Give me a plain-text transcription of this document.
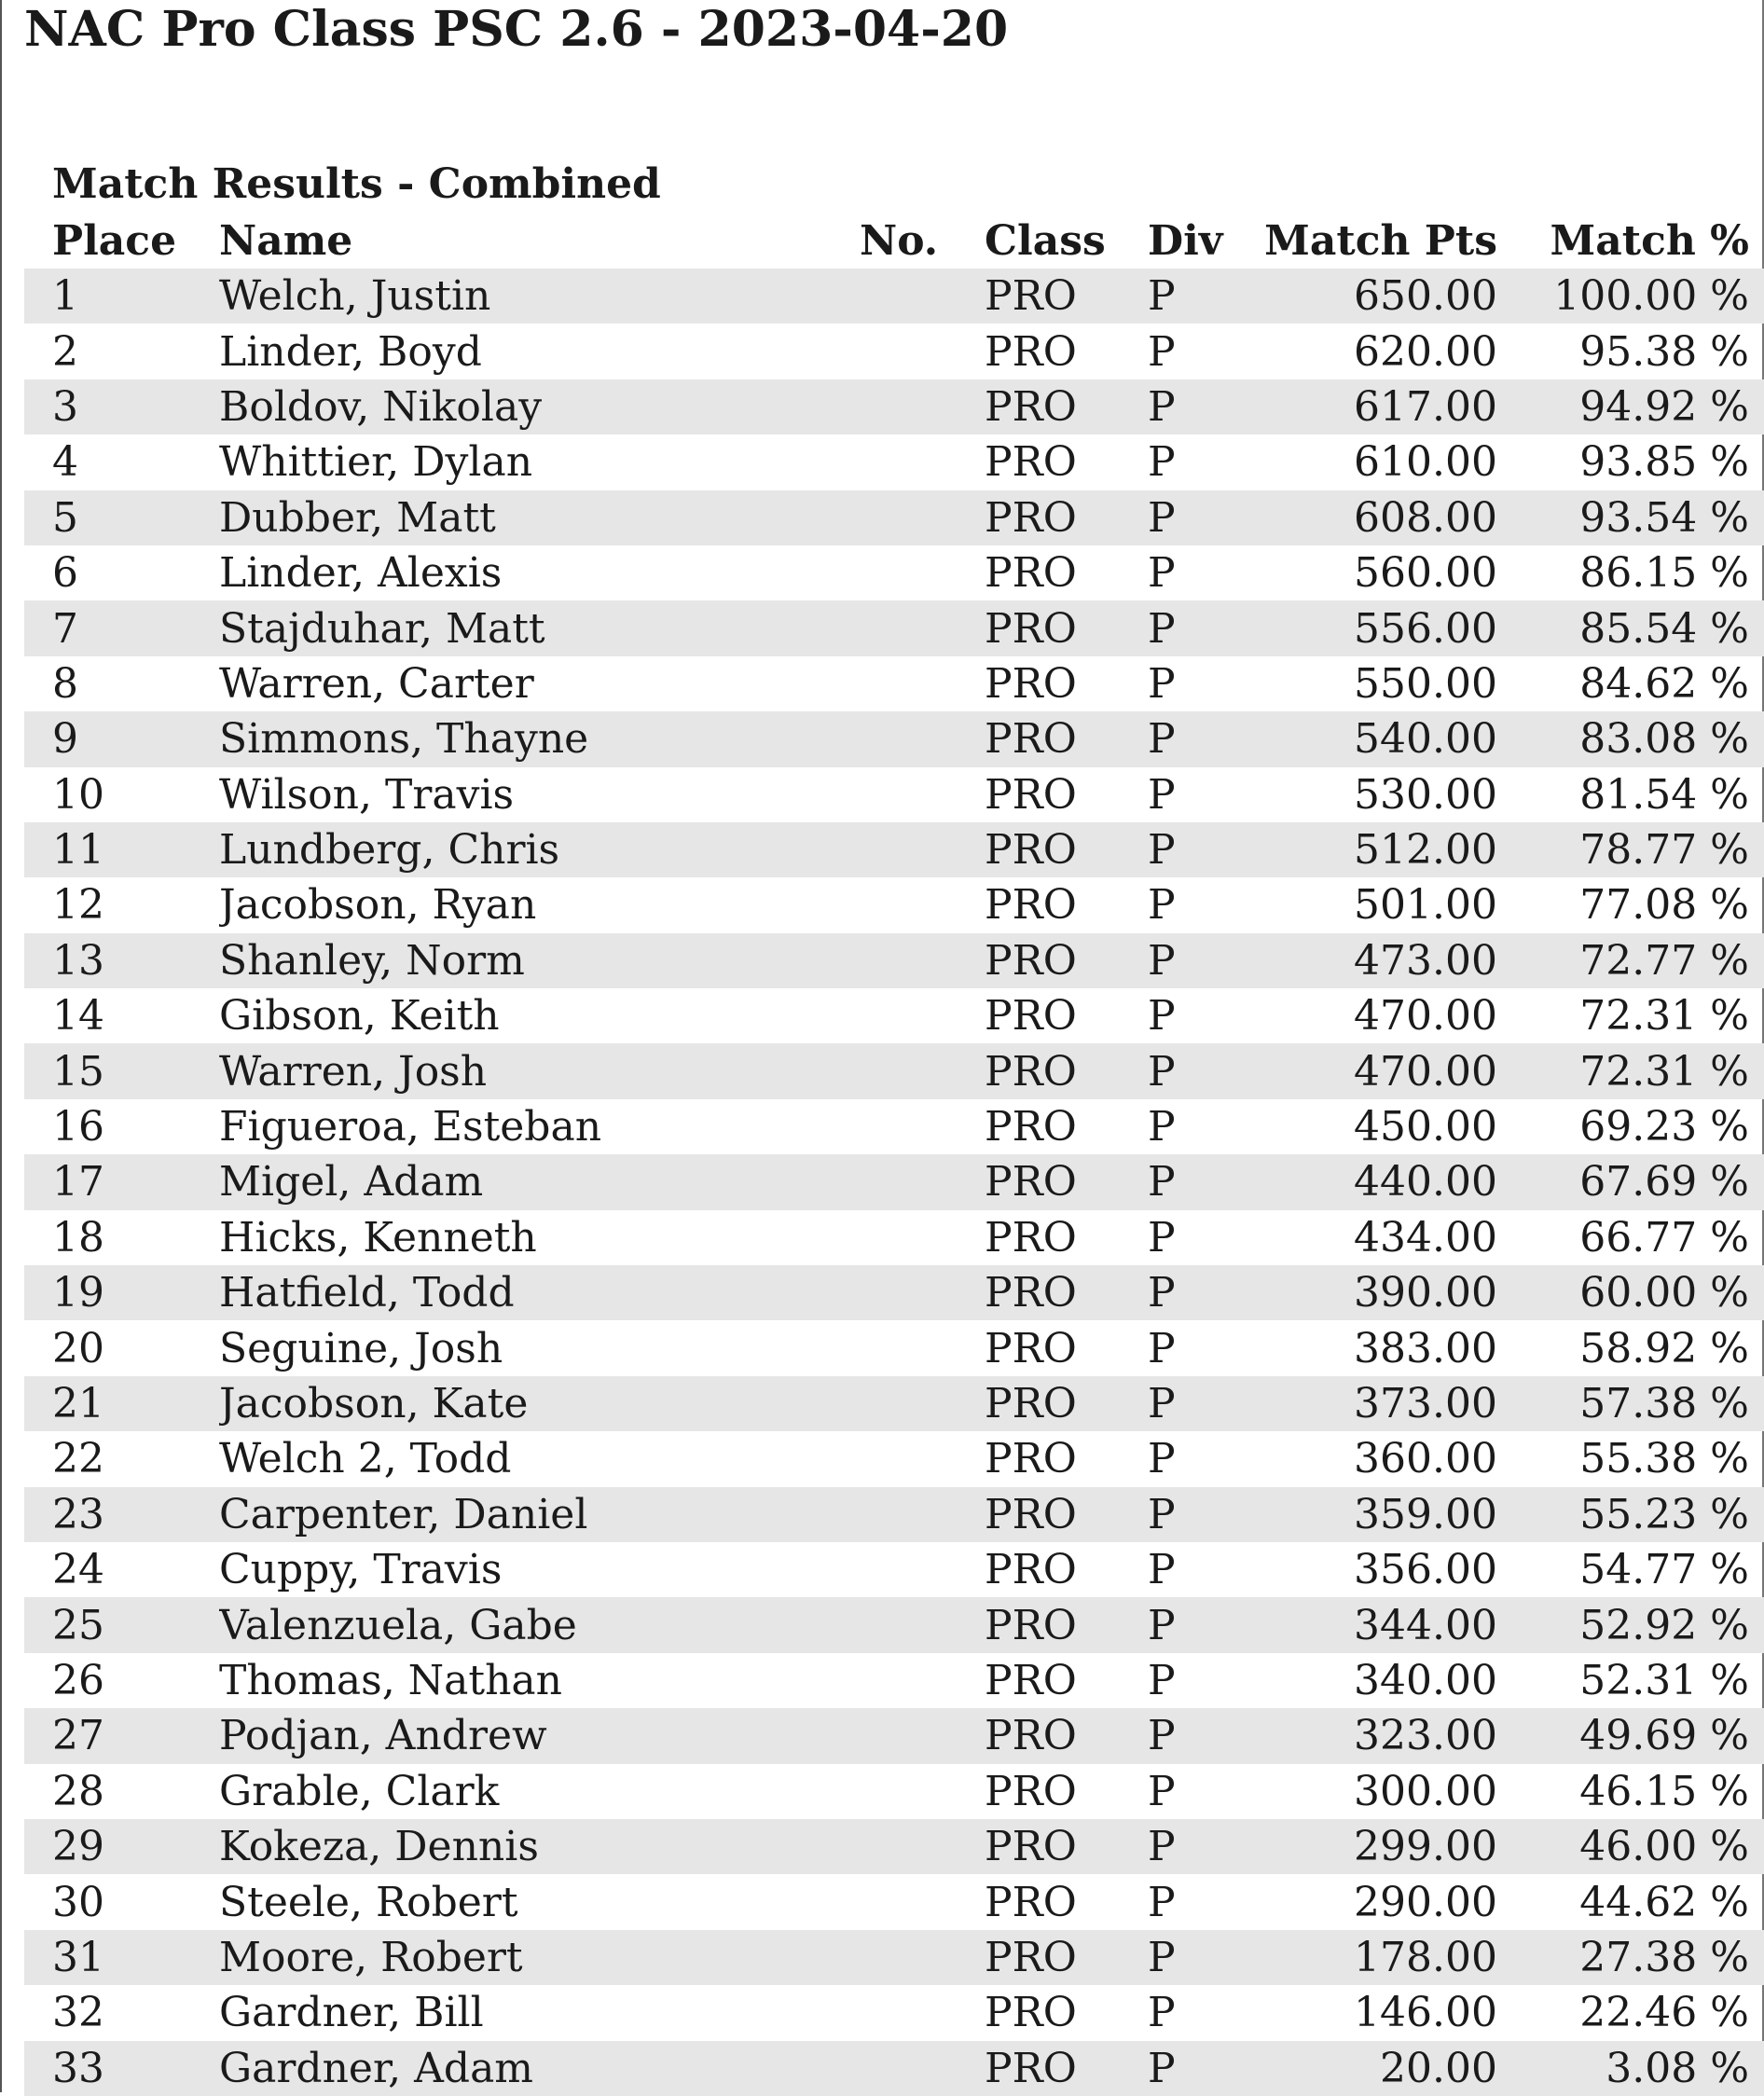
NAC Pro Class PSC 2.6 - 2023-04-20
Match Results - Combined
Place	Name	No.	Class	Div	Match Pts	Match %
1	Welch, Justin		PRO	P	650.00	100.00 %
2	Linder, Boyd		PRO	P	620.00	95.38 %
3	Boldov, Nikolay		PRO	P	617.00	94.92 %
4	Whittier, Dylan		PRO	P	610.00	93.85 %
5	Dubber, Matt		PRO	P	608.00	93.54 %
6	Linder, Alexis		PRO	P	560.00	86.15 %
7	Stajduhar, Matt		PRO	P	556.00	85.54 %
8	Warren, Carter		PRO	P	550.00	84.62 %
9	Simmons, Thayne		PRO	P	540.00	83.08 %
10	Wilson, Travis		PRO	P	530.00	81.54 %
11	Lundberg, Chris		PRO	P	512.00	78.77 %
12	Jacobson, Ryan		PRO	P	501.00	77.08 %
13	Shanley, Norm		PRO	P	473.00	72.77 %
14	Gibson, Keith		PRO	P	470.00	72.31 %
15	Warren, Josh		PRO	P	470.00	72.31 %
16	Figueroa, Esteban		PRO	P	450.00	69.23 %
17	Migel, Adam		PRO	P	440.00	67.69 %
18	Hicks, Kenneth		PRO	P	434.00	66.77 %
19	Hatfield, Todd		PRO	P	390.00	60.00 %
20	Seguine, Josh		PRO	P	383.00	58.92 %
21	Jacobson, Kate		PRO	P	373.00	57.38 %
22	Welch 2, Todd		PRO	P	360.00	55.38 %
23	Carpenter, Daniel		PRO	P	359.00	55.23 %
24	Cuppy, Travis		PRO	P	356.00	54.77 %
25	Valenzuela, Gabe		PRO	P	344.00	52.92 %
26	Thomas, Nathan		PRO	P	340.00	52.31 %
27	Podjan, Andrew		PRO	P	323.00	49.69 %
28	Grable, Clark		PRO	P	300.00	46.15 %
29	Kokeza, Dennis		PRO	P	299.00	46.00 %
30	Steele, Robert		PRO	P	290.00	44.62 %
31	Moore, Robert		PRO	P	178.00	27.38 %
32	Gardner, Bill		PRO	P	146.00	22.46 %
33	Gardner, Adam		PRO	P	20.00	3.08 %
